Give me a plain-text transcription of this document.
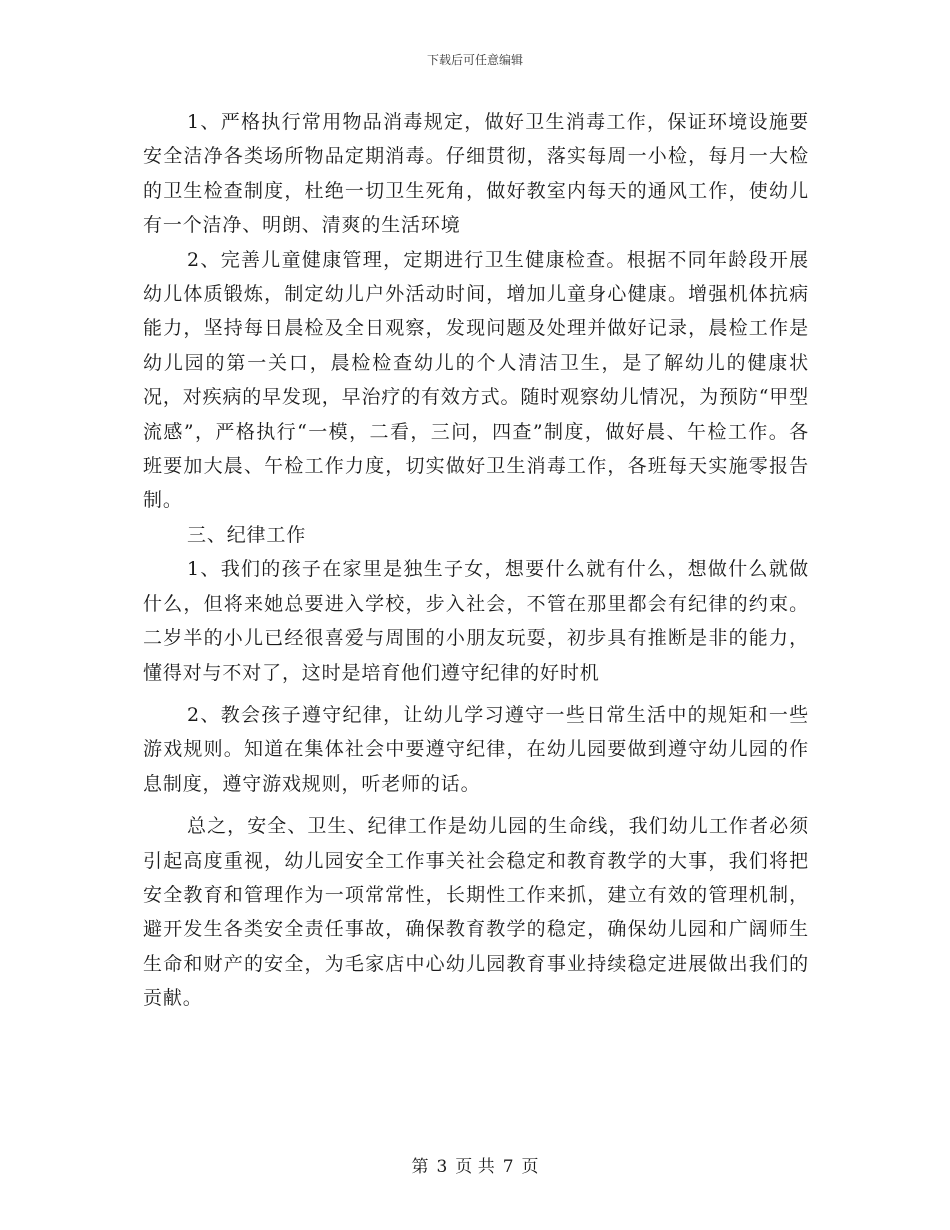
下载后可任意编辑

1、严格执行常用物品消毒规定，做好卫生消毒工作，保证环境设施要安全洁净各类场所物品定期消毒。仔细贯彻，落实每周一小检，每月一大检的卫生检查制度，杜绝一切卫生死角，做好教室内每天的通风工作，使幼儿有一个洁净、明朗、清爽的生活环境

2、完善儿童健康管理，定期进行卫生健康检查。根据不同年龄段开展幼儿体质锻炼，制定幼儿户外活动时间，增加儿童身心健康。增强机体抗病能力，坚持每日晨检及全日观察，发现问题及处理并做好记录，晨检工作是幼儿园的第一关口，晨检检查幼儿的个人清洁卫生，是了解幼儿的健康状况，对疾病的早发现，早治疗的有效方式。随时观察幼儿情况，为预防“甲型流感”，严格执行“一模，二看，三问，四查”制度，做好晨、午检工作。各班要加大晨、午检工作力度，切实做好卫生消毒工作，各班每天实施零报告制。

三、纪律工作

1、我们的孩子在家里是独生子女，想要什么就有什么，想做什么就做什么，但将来她总要进入学校，步入社会，不管在那里都会有纪律的约束。二岁半的小儿已经很喜爱与周围的小朋友玩耍，初步具有推断是非的能力，懂得对与不对了，这时是培育他们遵守纪律的好时机

2、教会孩子遵守纪律，让幼儿学习遵守一些日常生活中的规矩和一些游戏规则。知道在集体社会中要遵守纪律，在幼儿园要做到遵守幼儿园的作息制度，遵守游戏规则，听老师的话。

总之，安全、卫生、纪律工作是幼儿园的生命线，我们幼儿工作者必须引起高度重视，幼儿园安全工作事关社会稳定和教育教学的大事，我们将把安全教育和管理作为一项常常性，长期性工作来抓，建立有效的管理机制，避开发生各类安全责任事故，确保教育教学的稳定，确保幼儿园和广阔师生生命和财产的安全，为毛家店中心幼儿园教育事业持续稳定进展做出我们的贡献。

第 3 页 共 7 页
